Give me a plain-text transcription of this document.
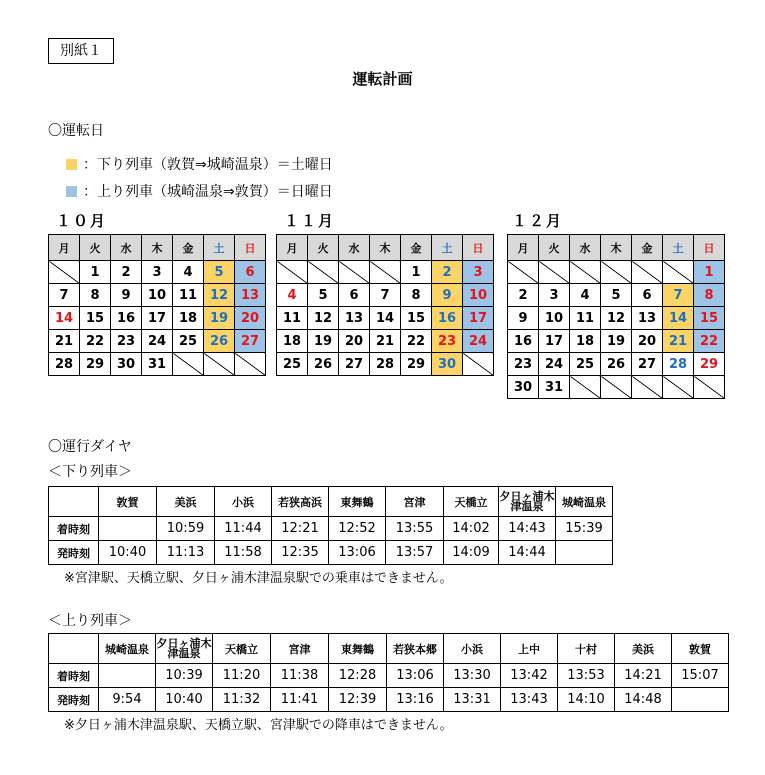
別紙１
運転計画
〇運転日
：下り列車（敦賀⇒城崎温泉）＝土曜日
：上り列車（城崎温泉⇒敦賀）＝日曜日
１０月	１１月	１２月
月	火	水	木	金	土	日
	1	2	3	4	5	6
7	8	9	10	11	12	13
14	15	16	17	18	19	20
21	22	23	24	25	26	27
28	29	30	31			
月	火	水	木	金	土	日
				1	2	3
4	5	6	7	8	9	10
11	12	13	14	15	16	17
18	19	20	21	22	23	24
25	26	27	28	29	30	
月	火	水	木	金	土	日
						1
2	3	4	5	6	7	8
9	10	11	12	13	14	15
16	17	18	19	20	21	22
23	24	25	26	27	28	29
30	31					
〇運行ダイヤ
＜下り列車＞
	敦賀	美浜	小浜	若狭高浜	東舞鶴	宮津	天橋立	夕日ヶ浦木津温泉	城崎温泉
着時刻		10:59	11:44	12:21	12:52	13:55	14:02	14:43	15:39
発時刻	10:40	11:13	11:58	12:35	13:06	13:57	14:09	14:44	
※宮津駅、天橋立駅、夕日ヶ浦木津温泉駅での乗車はできません。
＜上り列車＞
	城崎温泉	夕日ヶ浦木津温泉	天橋立	宮津	東舞鶴	若狭本郷	小浜	上中	十村	美浜	敦賀
着時刻		10:39	11:20	11:38	12:28	13:06	13:30	13:42	13:53	14:21	15:07
発時刻	9:54	10:40	11:32	11:41	12:39	13:16	13:31	13:43	14:10	14:48	
※夕日ヶ浦木津温泉駅、天橋立駅、宮津駅での降車はできません。
